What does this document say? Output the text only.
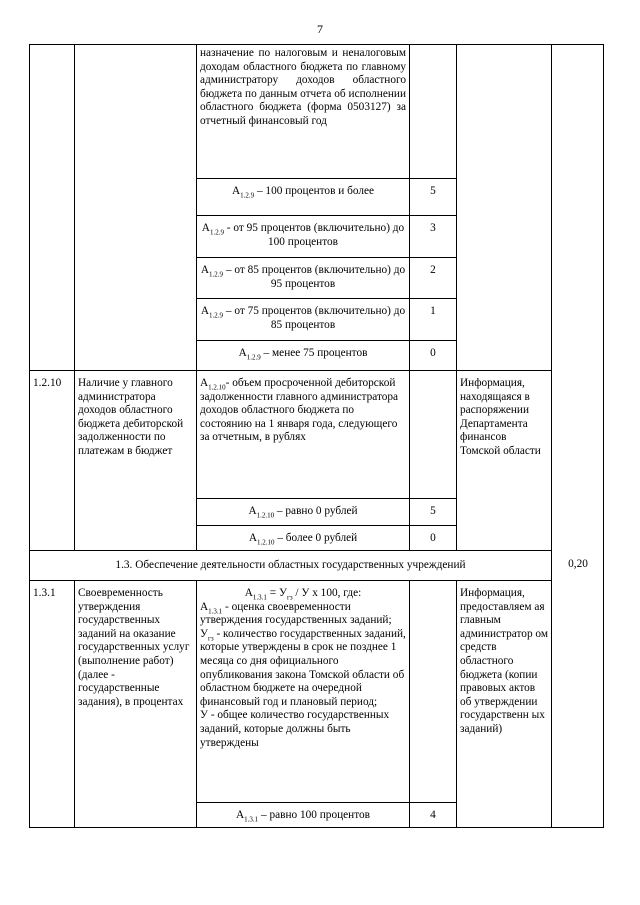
7
		назначение по налоговым и неналоговым доходам областного бюджета по главному администратору доходов областного бюджета по данным отчета об исполнении областного бюджета (форма 0503127) за отчетный финансовый год			
		$А_{1.2.9} - 100$ процентов и более	5		
		$А_{1.2.9}$ - от 95 процентов (включительно) до 100 процентов	3		
		$А_{1.2.9}$ – от 85 процентов (включительно) до 95 процентов	2		
		$А_{1.2.9}$ – от 75 процентов (включительно) до 85 процентов	1		
		$А_{1.2.9}$ – менее 75 процентов	0		
1.2.10	Наличие у главного администратора доходов областного бюджета дебиторской задолженности по платежам в бюджет	$А_{1.2.10}-$ объем просроченной дебиторской задолженности главного администратора доходов областного бюджета по состоянию на 1 января года, следующего за отчетным, в рублях		Информация, находящаяся в распоряжении Департамента финансов Томской области	
		$А_{1.2.10}$ – равно 0 рублей	5		
		$А_{1.2.10}$ – более 0 рублей	0		
1.3. Обеспечение деятельности областных государственных учреждений					
1.3.1	Своевременность утверждения государственных заданий на оказание государственных услуг (выполнение работ) (далее - государственные задания), в процентах	$А_{1.3.1} = У_{гз} / У$ х 100, где:
$А_{1.3.1}$ - оценка своевременности утверждения государственных заданий;
$У_{гз}$ - количество государственных заданий, которые утверждены в срок не позднее 1 месяца со дня официального опубликования закона Томской области об областном бюджете на очередной финансовый год и плановый период;
У - общее количество государственных заданий, которые должны быть утверждены		Информация, предоставляем ая главным администратор ом средств областного бюджета (копии правовых актов об утверждении государственн ых заданий)	
		$А_{1.3.1}$ – равно 100 процентов	4		
0,20
